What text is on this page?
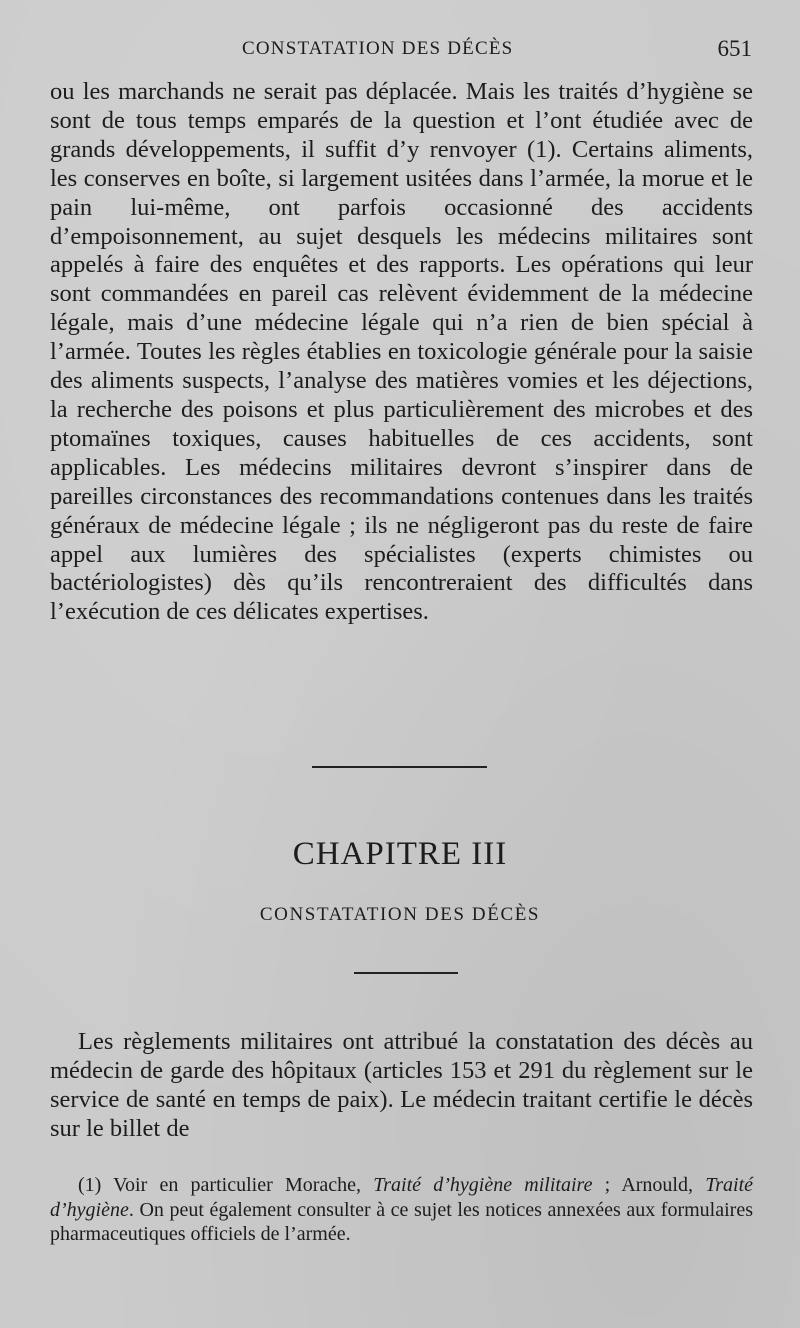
CONSTATATION DES DÉCÈS	651

ou les marchands ne serait pas déplacée. Mais les traités d’hygiène se sont de tous temps emparés de la question et l’ont étudiée avec de grands développements, il suffit d’y renvoyer (1). Certains aliments, les conserves en boîte, si largement usitées dans l’armée, la morue et le pain lui-même, ont parfois occasionné des accidents d’empoisonnement, au sujet desquels les médecins militaires sont appelés à faire des enquêtes et des rapports. Les opérations qui leur sont commandées en pareil cas relèvent évidemment de la médecine légale, mais d’une médecine légale qui n’a rien de bien spécial à l’armée. Toutes les règles établies en toxicologie générale pour la saisie des aliments suspects, l’analyse des matières vomies et les déjections, la recherche des poisons et plus particulièrement des microbes et des ptomaïnes toxiques, causes habituelles de ces accidents, sont applicables. Les médecins militaires devront s’inspirer dans de pareilles circonstances des recommandations contenues dans les traités généraux de médecine légale ; ils ne négligeront pas du reste de faire appel aux lumières des spécialistes (experts chimistes ou bactériologistes) dès qu’ils rencontreraient des difficultés dans l’exécution de ces délicates expertises.

CHAPITRE III
CONSTATATION DES DÉCÈS

Les règlements militaires ont attribué la constatation des décès au médecin de garde des hôpitaux (articles 153 et 291 du règlement sur le service de santé en temps de paix). Le médecin traitant certifie le décès sur le billet de

(1) Voir en particulier Morache, Traité d’hygiène militaire ; Arnould, Traité d’hygiène. On peut également consulter à ce sujet les notices annexées aux formulaires pharmaceutiques officiels de l’armée.
